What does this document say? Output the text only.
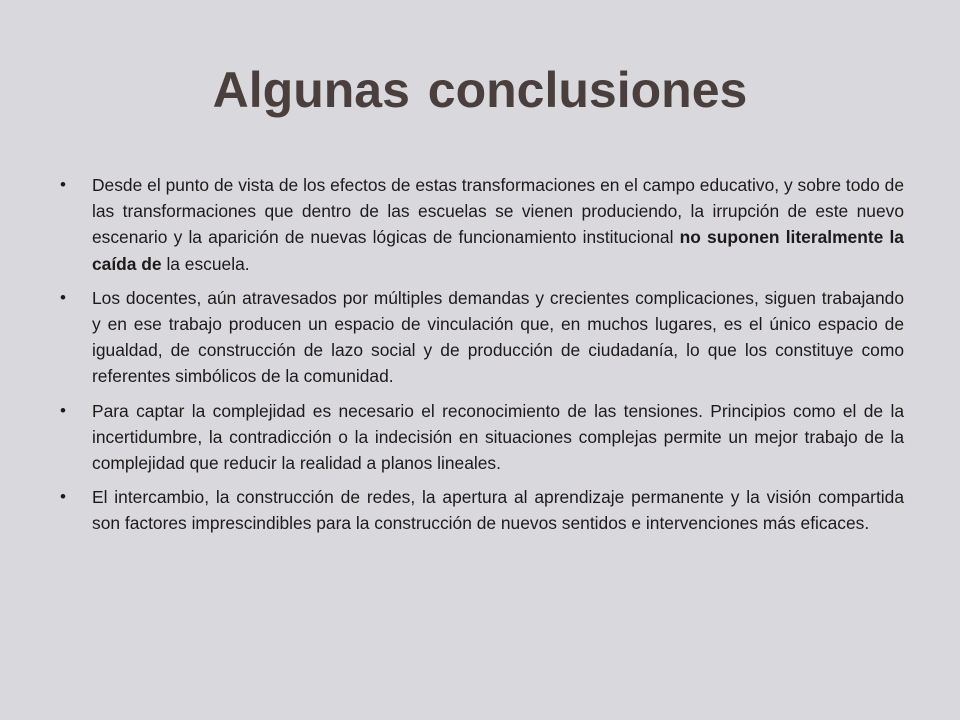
Algunas conclusiones
• Desde el punto de vista de los efectos de estas transformaciones en el campo educativo, y sobre todo de las transformaciones que dentro de las escuelas se vienen produciendo, la irrupción de este nuevo escenario y la aparición de nuevas lógicas de funcionamiento institucional no suponen literalmente la caída de la escuela.
• Los docentes, aún atravesados por múltiples demandas y crecientes complicaciones, siguen trabajando y en ese trabajo producen un espacio de vinculación que, en muchos lugares, es el único espacio de igualdad, de construcción de lazo social y de producción de ciudadanía, lo que los constituye como referentes simbólicos de la comunidad.
• Para captar la complejidad es necesario el reconocimiento de las tensiones. Principios como el de la incertidumbre, la contradicción o la indecisión en situaciones complejas permite un mejor trabajo de la complejidad que reducir la realidad a planos lineales.
• El intercambio, la construcción de redes, la apertura al aprendizaje permanente y la visión compartida son factores imprescindibles para la construcción de nuevos sentidos e intervenciones más eficaces.
